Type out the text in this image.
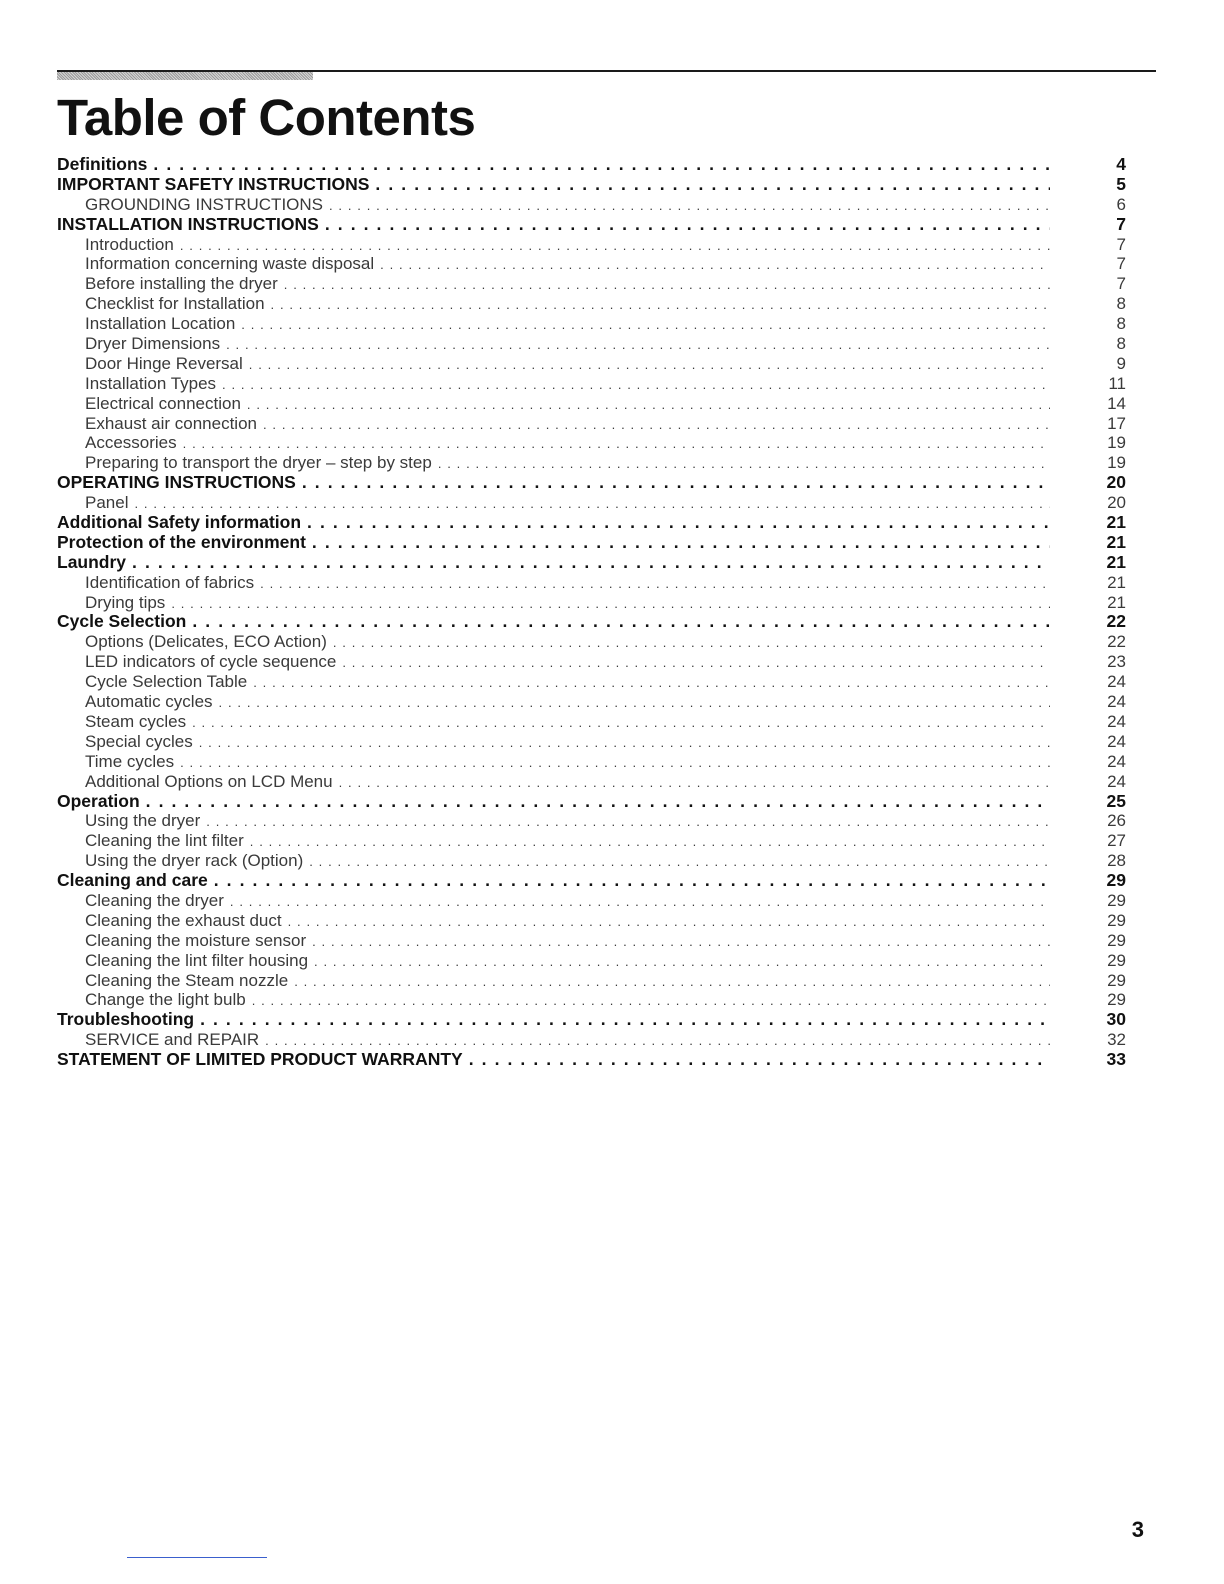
Table of Contents
Definitions . . .	4
IMPORTANT SAFETY INSTRUCTIONS . . .	5
GROUNDING INSTRUCTIONS . . .	6
INSTALLATION INSTRUCTIONS . . .	7
Introduction . . .	7
Information concerning waste disposal . . .	7
Before installing the dryer . . .	7
Checklist for Installation . . .	8
Installation Location . . .	8
Dryer Dimensions . . .	8
Door Hinge Reversal . . .	9
Installation Types . . .	11
Electrical connection . . .	14
Exhaust air connection . . .	17
Accessories . . .	19
Preparing to transport the dryer – step by step . . .	19
OPERATING INSTRUCTIONS . . .	20
Panel . . .	20
Additional Safety information . . .	21
Protection of the environment . . .	21
Laundry . . .	21
Identification of fabrics . . .	21
Drying tips . . .	21
Cycle Selection . . .	22
Options (Delicates, ECO Action) . . .	22
LED indicators of cycle sequence . . .	23
Cycle Selection Table . . .	24
Automatic cycles . . .	24
Steam cycles . . .	24
Special cycles . . .	24
Time cycles . . .	24
Additional Options on LCD Menu . . .	24
Operation . . .	25
Using the dryer . . .	26
Cleaning the lint filter . . .	27
Using the dryer rack (Option) . . .	28
Cleaning and care . . .	29
Cleaning the dryer . . .	29
Cleaning the exhaust duct . . .	29
Cleaning the moisture sensor . . .	29
Cleaning the lint filter housing . . .	29
Cleaning the Steam nozzle . . .	29
Change the light bulb . . .	29
Troubleshooting . . .	30
SERVICE and REPAIR . . .	32
STATEMENT OF LIMITED PRODUCT WARRANTY . . .	33
3
